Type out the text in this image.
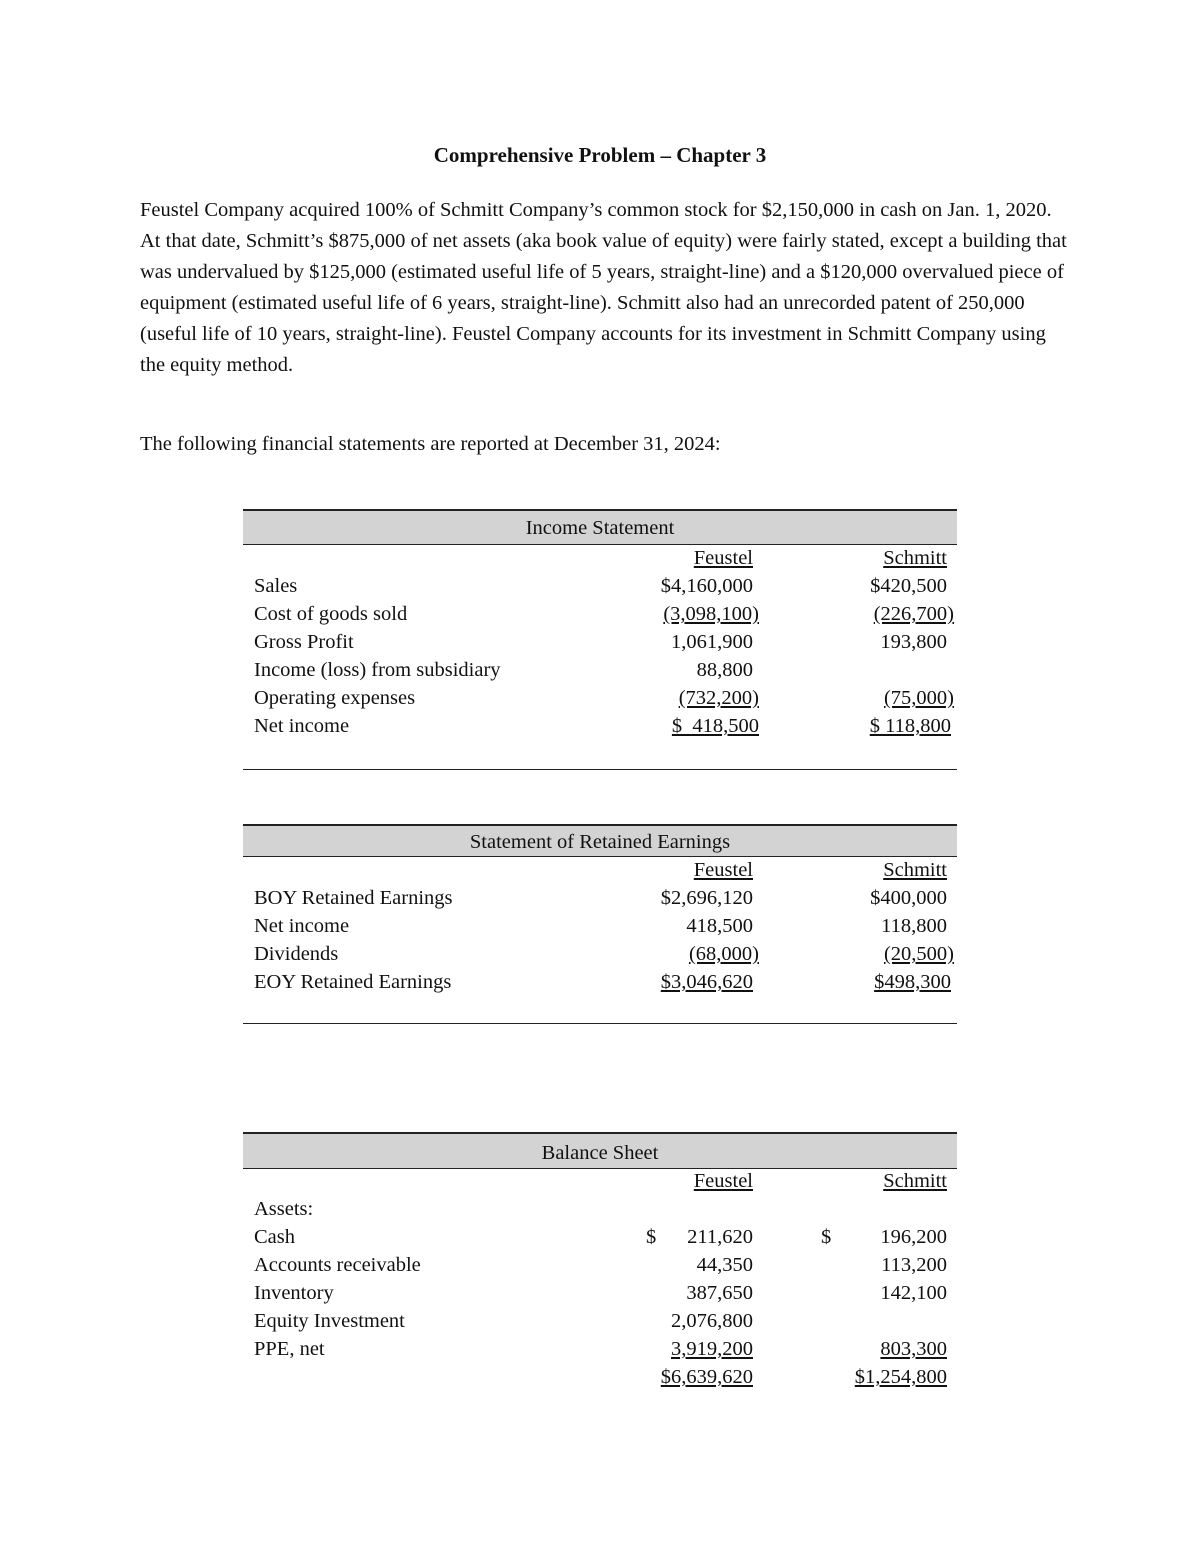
Comprehensive Problem – Chapter 3
Feustel Company acquired 100% of Schmitt Company’s common stock for $2,150,000 in cash on Jan. 1, 2020. At that date, Schmitt’s $875,000 of net assets (aka book value of equity) were fairly stated, except a building that was undervalued by $125,000 (estimated useful life of 5 years, straight-line) and a $120,000 overvalued piece of equipment (estimated useful life of 6 years, straight-line). Schmitt also had an unrecorded patent of 250,000 (useful life of 10 years, straight-line). Feustel Company accounts for its investment in Schmitt Company using the equity method.
The following financial statements are reported at December 31, 2024:
Income Statement
Feustel	Schmitt
Sales	$4,160,000	$420,500
Cost of goods sold	(3,098,100)	(226,700)
Gross Profit	1,061,900	193,800
Income (loss) from subsidiary	88,800
Operating expenses	(732,200)	(75,000)
Net income	$  418,500	$ 118,800
Statement of Retained Earnings
Feustel	Schmitt
BOY Retained Earnings	$2,696,120	$400,000
Net income	418,500	118,800
Dividends	(68,000)	(20,500)
EOY Retained Earnings	$3,046,620	$498,300
Balance Sheet
Feustel	Schmitt
Assets:
Cash	$ 211,620	$ 196,200
Accounts receivable	44,350	113,200
Inventory	387,650	142,100
Equity Investment	2,076,800
PPE, net	3,919,200	803,300
$6,639,620	$1,254,800
